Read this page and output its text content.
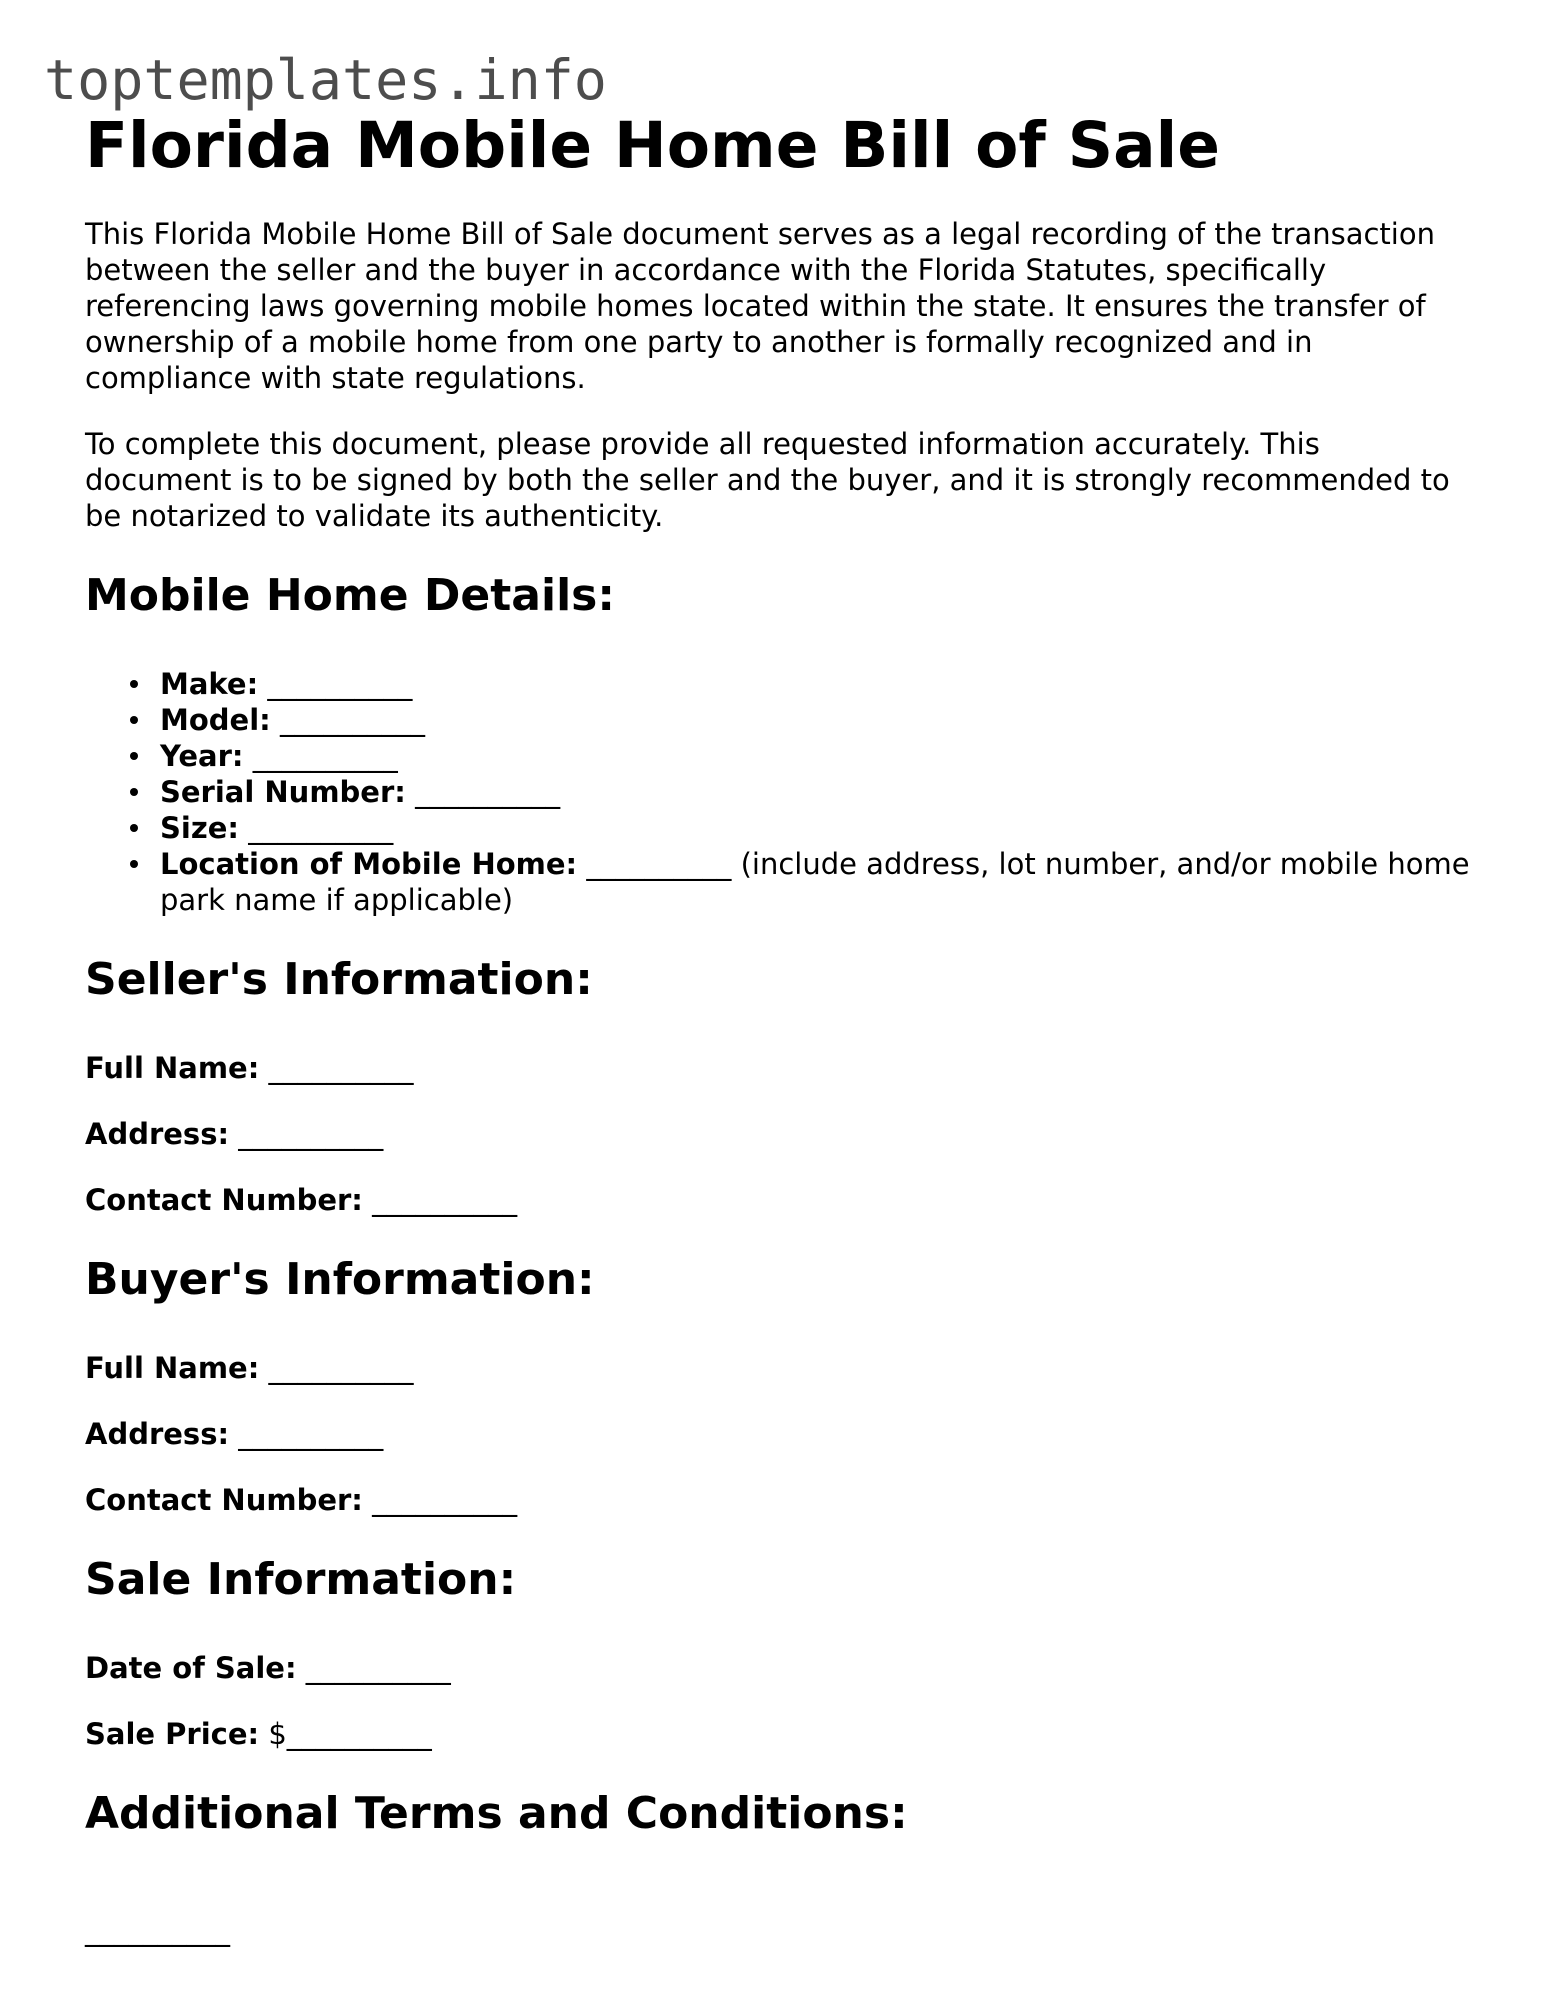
toptemplates.info
Florida Mobile Home Bill of Sale

This Florida Mobile Home Bill of Sale document serves as a legal recording of the transaction between the seller and the buyer in accordance with the Florida Statutes, specifically referencing laws governing mobile homes located within the state. It ensures the transfer of ownership of a mobile home from one party to another is formally recognized and in compliance with state regulations.

To complete this document, please provide all requested information accurately. This document is to be signed by both the seller and the buyer, and it is strongly recommended to be notarized to validate its authenticity.

Mobile Home Details:
Make: __________
Model: __________
Year: __________
Serial Number: __________
Size: __________
Location of Mobile Home: __________ (include address, lot number, and/or mobile home park name if applicable)
Seller's Information:
Full Name: __________
Address: __________
Contact Number: __________
Buyer's Information:
Full Name: __________
Address: __________
Contact Number: __________
Sale Information:
Date of Sale: __________
Sale Price: $__________
Additional Terms and Conditions:
__________
